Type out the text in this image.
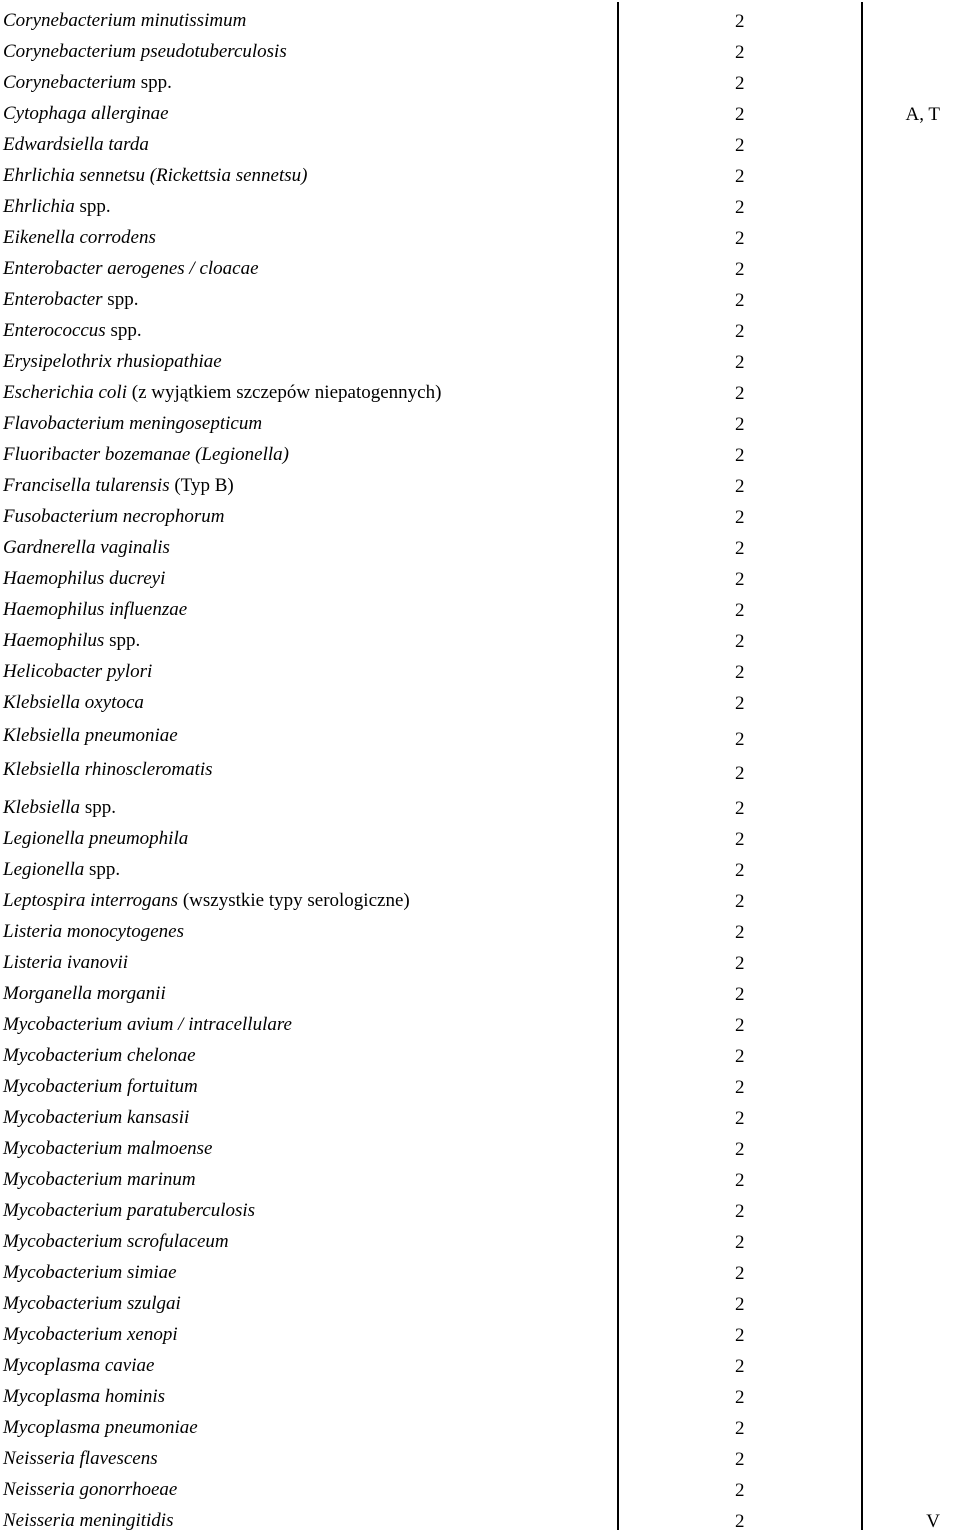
Corynebacterium minutissimum	2
Corynebacterium pseudotuberculosis	2
Corynebacterium spp.	2
Cytophaga allerginae	2	A, T
Edwardsiella tarda	2
Ehrlichia sennetsu (Rickettsia sennetsu)	2
Ehrlichia spp.	2
Eikenella corrodens	2
Enterobacter aerogenes / cloacae	2
Enterobacter spp.	2
Enterococcus spp.	2
Erysipelothrix rhusiopathiae	2
Escherichia coli (z wyjątkiem szczepów niepatogennych)	2
Flavobacterium meningosepticum	2
Fluoribacter bozemanae (Legionella)	2
Francisella tularensis (Typ B)	2
Fusobacterium necrophorum	2
Gardnerella vaginalis	2
Haemophilus ducreyi	2
Haemophilus influenzae	2
Haemophilus spp.	2
Helicobacter pylori	2
Klebsiella oxytoca	2
Klebsiella pneumoniae	2
Klebsiella rhinoscleromatis	2
Klebsiella spp.	2
Legionella pneumophila	2
Legionella spp.	2
Leptospira interrogans (wszystkie typy serologiczne)	2
Listeria monocytogenes	2
Listeria ivanovii	2
Morganella morganii	2
Mycobacterium avium / intracellulare	2
Mycobacterium chelonae	2
Mycobacterium fortuitum	2
Mycobacterium kansasii	2
Mycobacterium malmoense	2
Mycobacterium marinum	2
Mycobacterium paratuberculosis	2
Mycobacterium scrofulaceum	2
Mycobacterium simiae	2
Mycobacterium szulgai	2
Mycobacterium xenopi	2
Mycoplasma caviae	2
Mycoplasma hominis	2
Mycoplasma pneumoniae	2
Neisseria flavescens	2
Neisseria gonorrhoeae	2
Neisseria meningitidis	2	V
